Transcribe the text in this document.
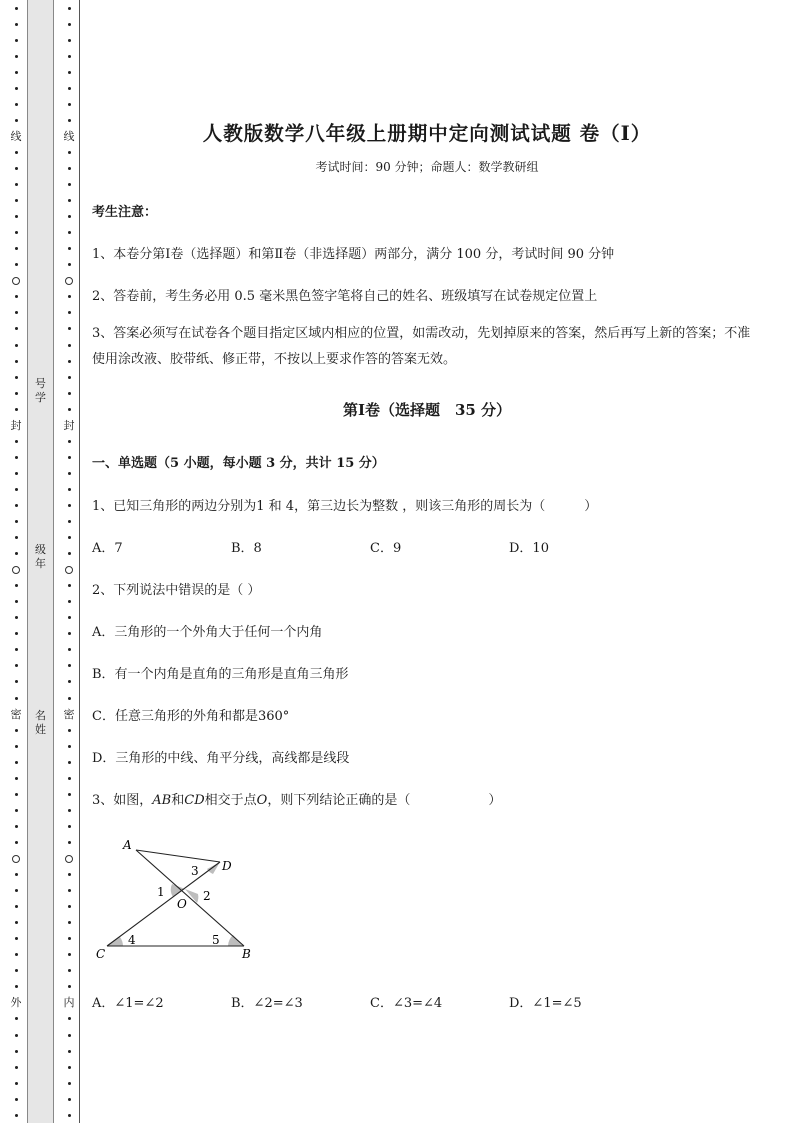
线
封
密
外
号
学
级
年
名
姓
线
封
密
内
人教版数学八年级上册期中定向测试试题 卷（Ⅰ）
考试时间：90 分钟；命题人：数学教研组
考生注意：
1、本卷分第Ⅰ卷（选择题）和第Ⅱ卷（非选择题）两部分，满分 100 分，考试时间 90 分钟
2、答卷前，考生务必用 0.5 毫米黑色签字笔将自己的姓名、班级填写在试卷规定位置上
3、答案必须写在试卷各个题目指定区域内相应的位置，如需改动，先划掉原来的答案，然后再写上新的答案；不准使用涂改液、胶带纸、修正带，不按以上要求作答的答案无效。
第Ⅰ卷（选择题　35 分）
一、单选题（5 小题，每小题 3 分，共计 15 分）
1、已知三角形的两边分别为1 和 4，第三边长为整数 ，则该三角形的周长为（　　　）
A．7	B．8	C．9	D．10
2、下列说法中错误的是（ ）
A．三角形的一个外角大于任何一个内角
B．有一个内角是直角的三角形是直角三角形
C．任意三角形的外角和都是360°
D．三角形的中线、角平分线，高线都是线段
3、如图，AB和CD相交于点O，则下列结论正确的是（　　　　　　）
A．∠1=∠2	B．∠2=∠3	C．∠3=∠4	D．∠1=∠5
A
D
C	B
O
1	2
3
4	5
